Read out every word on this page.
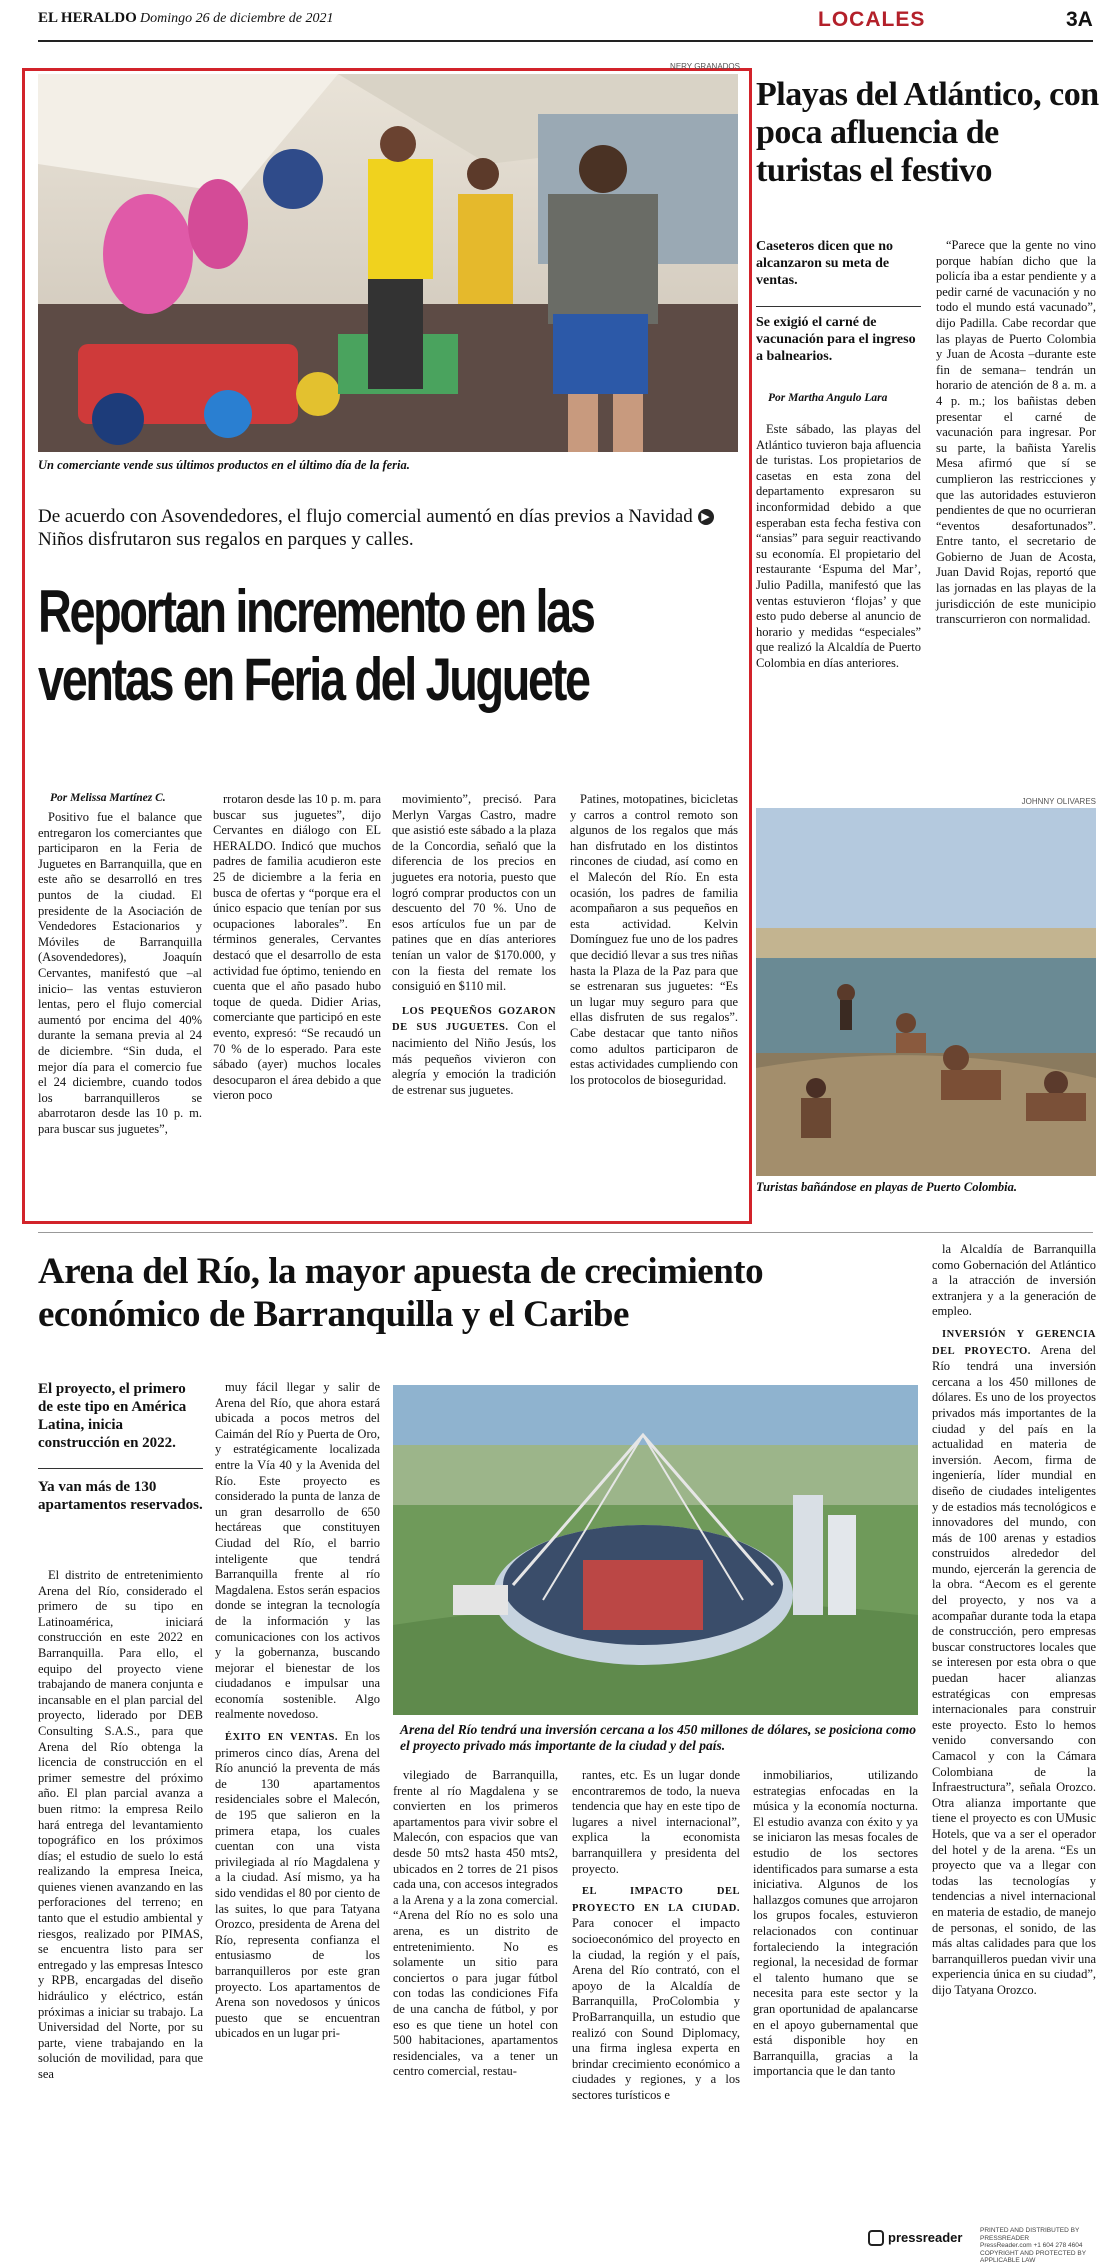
EL HERALDO Domingo 26 de diciembre de 2021	LOCALES	3A
NERY GRANADOS
Un comerciante vende sus últimos productos en el último día de la feria.
De acuerdo con Asovendedores, el flujo comercial aumentó en días previos a Navidad ▶ Niños disfrutaron sus regalos en parques y calles.
Reportan incremento en las ventas en Feria del Juguete
Por Melissa Martínez C.

Positivo fue el balance que entregaron los comerciantes que participaron en la Feria de Juguetes en Barranquilla, que en este año se desarrolló en tres puntos de la ciudad. El presidente de la Asociación de Vendedores Estacionarios y Móviles de Barranquilla (Asovendedores), Joaquín Cervantes, manifestó que –al inicio– las ventas estuvieron lentas, pero el flujo comercial aumentó por encima del 40% durante la semana previa al 24 de diciembre. “Sin duda, el mejor día para el comercio fue el 24 diciembre, cuando todos los barranquilleros se abarrotaron desde las 10 p. m. para buscar sus juguetes”,

rrotaron desde las 10 p. m. para buscar sus juguetes”, dijo Cervantes en diálogo con EL HERALDO. Indicó que muchos padres de familia acudieron este 25 de diciembre a la feria en busca de ofertas y “porque era el único espacio que tenían por sus ocupaciones laborales”. En términos generales, Cervantes destacó que el desarrollo de esta actividad fue óptimo, teniendo en cuenta que el año pasado hubo toque de queda. Didier Arias, comerciante que participó en este evento, expresó: “Se recaudó un 70 % de lo esperado. Para este sábado (ayer) muchos locales desocuparon el área debido a que vieron poco

movimiento”, precisó. Para Merlyn Vargas Castro, madre que asistió este sábado a la plaza de la Concordia, señaló que la diferencia de los precios en juguetes era notoria, puesto que logró comprar productos con un descuento del 70 %. Uno de esos artículos fue un par de patines que en días anteriores tenían un valor de $170.000, y con la fiesta del remate los consiguió en $110 mil.

LOS PEQUEÑOS GOZARON DE SUS JUGUETES. Con el nacimiento del Niño Jesús, los más pequeños vivieron con alegría y emoción la tradición de estrenar sus juguetes.

Patines, motopatines, bicicletas y carros a control remoto son algunos de los regalos que más han disfrutado en los distintos rincones de ciudad, así como en el Malecón del Río. En esta ocasión, los padres de familia acompañaron a sus pequeños en esta actividad. Kelvin Domínguez fue uno de los padres que decidió llevar a sus tres niñas hasta la Plaza de la Paz para que se estrenaran sus juguetes: “Es un lugar muy seguro para que ellas disfruten de sus regalos”. Cabe destacar que tanto niños como adultos participaron de estas actividades cumpliendo con los protocolos de bioseguridad.

Playas del Atlántico, con poca afluencia de turistas el festivo
Caseteros dicen que no alcanzaron su meta de ventas.
Se exigió el carné de vacunación para el ingreso a balnearios.
Por Martha Angulo Lara

Este sábado, las playas del Atlántico tuvieron baja afluencia de turistas. Los propietarios de casetas en esta zona del departamento expresaron su inconformidad debido a que esperaban esta fecha festiva con “ansias” para seguir reactivando su economía. El propietario del restaurante ‘Espuma del Mar’, Julio Padilla, manifestó que las ventas estuvieron ‘flojas’ y que esto pudo deberse al anuncio de horario y medidas “especiales” que realizó la Alcaldía de Puerto Colombia en días anteriores.

“Parece que la gente no vino porque habían dicho que la policía iba a estar pendiente y a pedir carné de vacunación y no todo el mundo está vacunado”, dijo Padilla. Cabe recordar que las playas de Puerto Colombia y Juan de Acosta –durante este fin de semana– tendrán un horario de atención de 8 a. m. a 4 p. m.; los bañistas deben presentar el carné de vacunación para ingresar. Por su parte, la bañista Yarelis Mesa afirmó que sí se cumplieron las restricciones y que las autoridades estuvieron pendientes de que no ocurrieran “eventos desafortunados”. Entre tanto, el secretario de Gobierno de Juan de Acosta, Juan David Rojas, reportó que las jornadas en las playas de la jurisdicción de este municipio transcurrieron con normalidad.

JOHNNY OLIVARES
Turistas bañándose en playas de Puerto Colombia.
Arena del Río, la mayor apuesta de crecimiento económico de Barranquilla y el Caribe
El proyecto, el primero de este tipo en América Latina, inicia construcción en 2022.
Ya van más de 130 apartamentos reservados.

El distrito de entretenimiento Arena del Río, considerado el primero de su tipo en Latinoamérica, iniciará construcción en este 2022 en Barranquilla. Para ello, el equipo del proyecto viene trabajando de manera conjunta e incansable en el plan parcial del proyecto, liderado por DEB Consulting S.A.S., para que Arena del Río obtenga la licencia de construcción en el primer semestre del próximo año. El plan parcial avanza a buen ritmo: la empresa Reilo hará entrega del levantamiento topográfico en los próximos días; el estudio de suelo lo está realizando la empresa Ineica, quienes vienen avanzando en las perforaciones del terreno; en tanto que el estudio ambiental y riesgos, realizado por PIMAS, se encuentra listo para ser entregado y las empresas Intesco y RPB, encargadas del diseño hidráulico y eléctrico, están próximas a iniciar su trabajo. La Universidad del Norte, por su parte, viene trabajando en la solución de movilidad, para que sea

muy fácil llegar y salir de Arena del Río, que ahora estará ubicada a pocos metros del Caimán del Río y Puerta de Oro, y estratégicamente localizada entre la Vía 40 y la Avenida del Río. Este proyecto es considerado la punta de lanza de un gran desarrollo de 650 hectáreas que constituyen Ciudad del Río, el barrio inteligente que tendrá Barranquilla frente al río Magdalena. Estos serán espacios donde se integran la tecnología de la información y las comunicaciones con los activos y la gobernanza, buscando mejorar el bienestar de los ciudadanos e impulsar una economía sostenible. Algo realmente novedoso.

ÉXITO EN VENTAS. En los primeros cinco días, Arena del Río anunció la preventa de más de 130 apartamentos residenciales sobre el Malecón, de 195 que salieron en la primera etapa, los cuales cuentan con una vista privilegiada al río Magdalena y a la ciudad. Así mismo, ya ha sido vendidas el 80 por ciento de las suites, lo que para Tatyana Orozco, presidenta de Arena del Río, representa confianza el entusiasmo de los barranquilleros por este gran proyecto. Los apartamentos de Arena son novedosos y únicos puesto que se encuentran ubicados en un lugar pri-

Arena del Río tendrá una inversión cercana a los 450 millones de dólares, se posiciona como el proyecto privado más importante de la ciudad y del país.

vilegiado de Barranquilla, frente al río Magdalena y se convierten en los primeros apartamentos para vivir sobre el Malecón, con espacios que van desde 50 mts2 hasta 450 mts2, ubicados en 2 torres de 21 pisos cada una, con accesos integrados a la Arena y a la zona comercial. “Arena del Río no es solo una arena, es un distrito de entretenimiento. No es solamente un sitio para conciertos o para jugar fútbol con todas las condiciones Fifa de una cancha de fútbol, y por eso es que tiene un hotel con 500 habitaciones, apartamentos residenciales, va a tener un centro comercial, restau-

rantes, etc. Es un lugar donde encontraremos de todo, la nueva tendencia que hay en este tipo de lugares a nivel internacional”, explica la economista barranquillera y presidenta del proyecto.

EL IMPACTO DEL PROYECTO EN LA CIUDAD. Para conocer el impacto socioeconómico del proyecto en la ciudad, la región y el país, Arena del Río contrató, con el apoyo de la Alcaldía de Barranquilla, ProColombia y ProBarranquilla, un estudio que realizó con Sound Diplomacy, una firma inglesa experta en brindar crecimiento económico a ciudades y regiones, y a los sectores turísticos e

inmobiliarios, utilizando estrategias enfocadas en la música y la economía nocturna. El estudio avanza con éxito y ya se iniciaron las mesas focales de estudio de los sectores identificados para sumarse a esta iniciativa. Algunos de los hallazgos comunes que arrojaron los grupos focales, estuvieron relacionados con continuar fortaleciendo la integración regional, la necesidad de formar el talento humano que se necesita para este sector y la gran oportunidad de apalancarse en el apoyo gubernamental que está disponible hoy en Barranquilla, gracias a la importancia que le dan tanto

la Alcaldía de Barranquilla como Gobernación del Atlántico a la atracción de inversión extranjera y a la generación de empleo.

INVERSIÓN Y GERENCIA DEL PROYECTO. Arena del Río tendrá una inversión cercana a los 450 millones de dólares. Es uno de los proyectos privados más importantes de la ciudad y del país en la actualidad en materia de inversión. Aecom, firma de ingeniería, líder mundial en diseño de ciudades inteligentes y de estadios más tecnológicos e innovadores del mundo, con más de 100 arenas y estadios construidos alrededor del mundo, ejercerán la gerencia de la obra. “Aecom es el gerente del proyecto, y nos va a acompañar durante toda la etapa de construcción, pero empresas buscar constructores locales que se interesen por esta obra o que puedan hacer alianzas estratégicas con empresas internacionales para construir este proyecto. Esto lo hemos venido conversando con Camacol y con la Cámara Colombiana de la Infraestructura”, señala Orozco. Otra alianza importante que tiene el proyecto es con UMusic Hotels, que va a ser el operador del hotel y de la arena. “Es un proyecto que va a llegar con todas las tecnologías y tendencias a nivel internacional en materia de estadio, de manejo de personas, el sonido, de las más altas calidades para que los barranquilleros puedan vivir una experiencia única en su ciudad”, dijo Tatyana Orozco.

pressreader	PRINTED AND DISTRIBUTED BY PRESSREADER
PressReader.com +1 604 278 4604
COPYRIGHT AND PROTECTED BY APPLICABLE LAW
